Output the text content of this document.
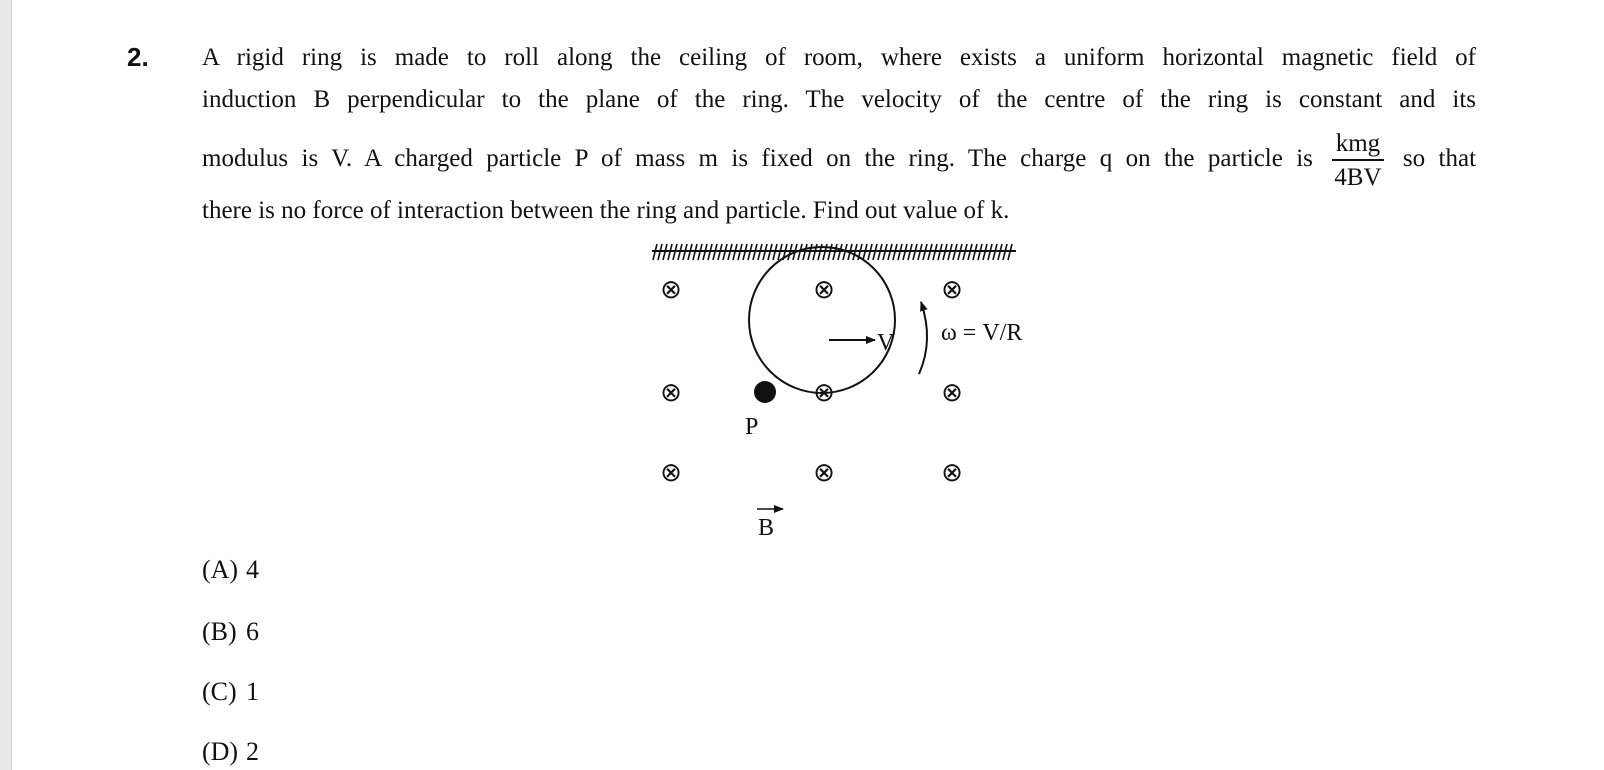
2. A rigid ring is made to roll along the ceiling of room, where exists a uniform horizontal magnetic field of
induction B perpendicular to the plane of the ring. The velocity of the centre of the ring is constant and its
modulus is V. A charged particle P of mass m is fixed on the ring. The charge q on the particle is $\frac{\text{kmg}}{4BV}$ so that
there is no force of interaction between the ring and particle. Find out value of k.
V ω = V/R
P
⊗	⊗	⊗
⊗	⊗	⊗
⊗	⊗	⊗
B
(A) 4
(B) 6
(C) 1
(D) 2
